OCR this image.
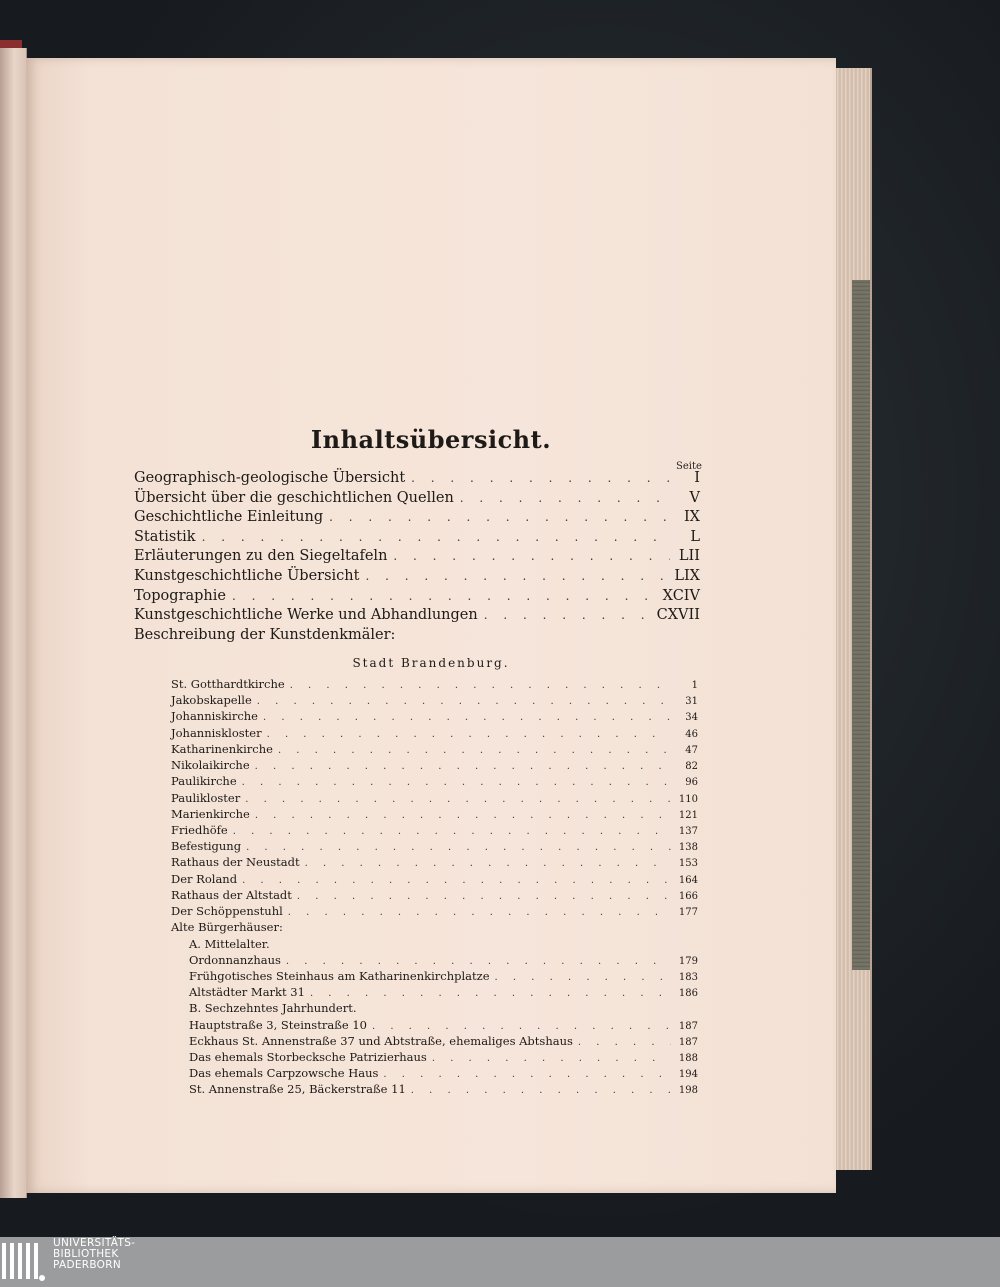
Inhaltsübersicht.
Seite
Geographisch-geologische Übersicht . . .	I
Übersicht über die geschichtlichen Quellen . . .	V
Geschichtliche Einleitung . . .	IX
Statistik . . .	L
Erläuterungen zu den Siegeltafeln . . .	LII
Kunstgeschichtliche Übersicht . . .	LIX
Topographie . . .	XCIV
Kunstgeschichtliche Werke und Abhandlungen . . .	CXVII
Beschreibung der Kunstdenkmäler:
Stadt Brandenburg.
St. Gotthardtkirche . . .	1
Jakobskapelle . . .	31
Johanniskirche . . .	34
Johanniskloster . . .	46
Katharinenkirche . . .	47
Nikolaikirche . . .	82
Paulikirche . . .	96
Paulikloster . . .	110
Marienkirche . . .	121
Friedhöfe . . .	137
Befestigung . . .	138
Rathaus der Neustadt . . .	153
Der Roland . . .	164
Rathaus der Altstadt . . .	166
Der Schöppenstuhl . . .	177
Alte Bürgerhäuser:
A. Mittelalter.
Ordonnanzhaus . . .	179
Frühgotisches Steinhaus am Katharinenkirchplatze . . .	183
Altstädter Markt 31 . . .	186
B. Sechzehntes Jahrhundert.
Hauptstraße 3, Steinstraße 10 . . .	187
Eckhaus St. Annenstraße 37 und Abtstraße, ehemaliges Abtshaus . . .	187
Das ehemals Storbecksche Patrizierhaus . . .	188
Das ehemals Carpzowsche Haus . . .	194
St. Annenstraße 25, Bäckerstraße 11 . . .	198
UNIVERSITÄTS-
BIBLIOTHEK
PADERBORN
